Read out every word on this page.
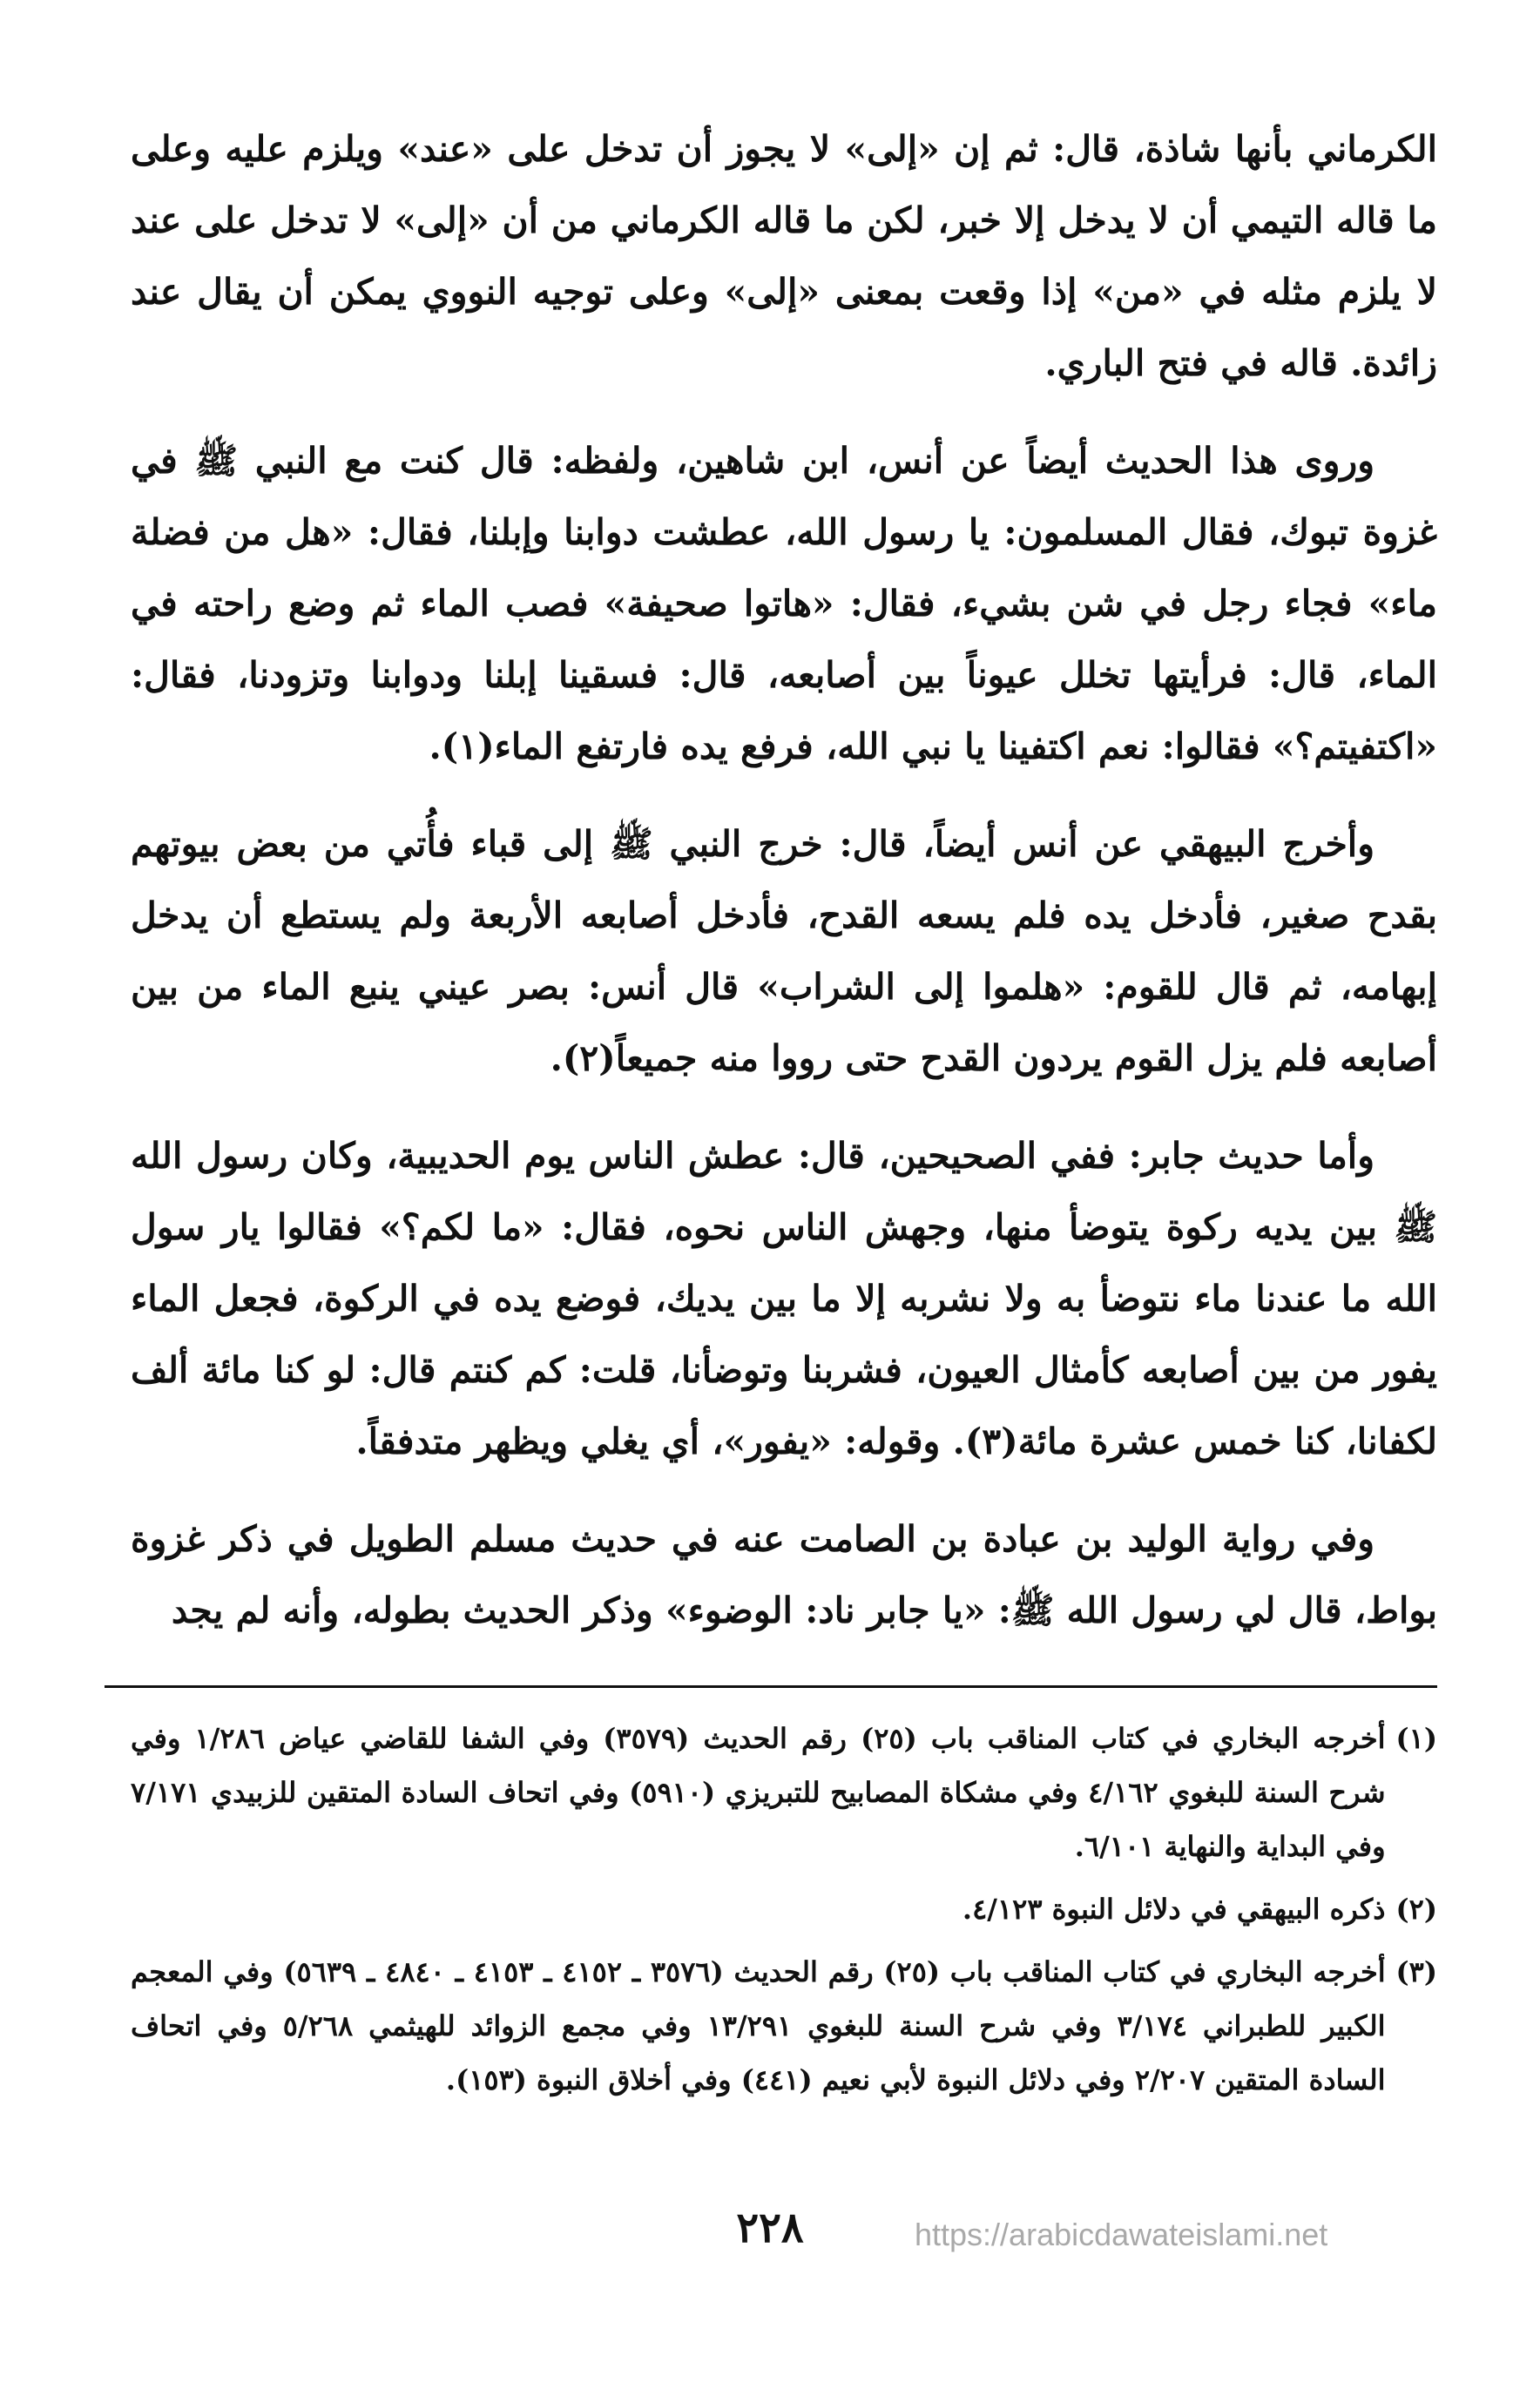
الكرماني بأنها شاذة، قال: ثم إن «إلى» لا يجوز أن تدخل على «عند» ويلزم عليه وعلى ما قاله التيمي أن لا يدخل إلا خبر، لكن ما قاله الكرماني من أن «إلى» لا تدخل على عند لا يلزم مثله في «من» إذا وقعت بمعنى «إلى» وعلى توجيه النووي يمكن أن يقال عند زائدة. قاله في فتح الباري.

وروى هذا الحديث أيضاً عن أنس، ابن شاهين، ولفظه: قال كنت مع النبي ﷺ في غزوة تبوك، فقال المسلمون: يا رسول الله، عطشت دوابنا وإبلنا، فقال: «هل من فضلة ماء» فجاء رجل في شن بشيء، فقال: «هاتوا صحيفة» فصب الماء ثم وضع راحته في الماء، قال: فرأيتها تخلل عيوناً بين أصابعه، قال: فسقينا إبلنا ودوابنا وتزودنا، فقال: «اكتفيتم؟» فقالوا: نعم اكتفينا يا نبي الله، فرفع يده فارتفع الماء(١).

وأخرج البيهقي عن أنس أيضاً، قال: خرج النبي ﷺ إلى قباء فأُتي من بعض بيوتهم بقدح صغير، فأدخل يده فلم يسعه القدح، فأدخل أصابعه الأربعة ولم يستطع أن يدخل إبهامه، ثم قال للقوم: «هلموا إلى الشراب» قال أنس: بصر عيني ينبع الماء من بين أصابعه فلم يزل القوم يردون القدح حتى رووا منه جميعاً(٢).

وأما حديث جابر: ففي الصحيحين، قال: عطش الناس يوم الحديبية، وكان رسول الله ﷺ بين يديه ركوة يتوضأ منها، وجهش الناس نحوه، فقال: «ما لكم؟» فقالوا يار سول الله ما عندنا ماء نتوضأ به ولا نشربه إلا ما بين يديك، فوضع يده في الركوة، فجعل الماء يفور من بين أصابعه كأمثال العيون، فشربنا وتوضأنا، قلت: كم كنتم قال: لو كنا مائة ألف لكفانا، كنا خمس عشرة مائة(٣). وقوله: «يفور»، أي يغلي ويظهر متدفقاً.

وفي رواية الوليد بن عبادة بن الصامت عنه في حديث مسلم الطويل في ذكر غزوة بواط، قال لي رسول الله ﷺ: «يا جابر ناد: الوضوء» وذكر الحديث بطوله، وأنه لم يجد

(١)
أخرجه البخاري في كتاب المناقب باب (٢٥) رقم الحديث (٣٥٧٩) وفي الشفا للقاضي عياض ١/٢٨٦ وفي شرح السنة للبغوي ٤/١٦٢ وفي مشكاة المصابيح للتبريزي (٥٩١٠) وفي اتحاف السادة المتقين للزبيدي ٧/١٧١ وفي البداية والنهاية ٦/١٠١.
(٢)
ذكره البيهقي في دلائل النبوة ٤/١٢٣.
(٣)
أخرجه البخاري في كتاب المناقب باب (٢٥) رقم الحديث (٣٥٧٦ ـ ٤١٥٢ ـ ٤١٥٣ ـ ٤٨٤٠ ـ ٥٦٣٩) وفي المعجم الكبير للطبراني ٣/١٧٤ وفي شرح السنة للبغوي ١٣/٢٩١ وفي مجمع الزوائد للهيثمي ٥/٢٦٨ وفي اتحاف السادة المتقين ٢/٢٠٧ وفي دلائل النبوة لأبي نعيم (٤٤١) وفي أخلاق النبوة (١٥٣).
٢٢٨	https://arabicdawateislami.net
